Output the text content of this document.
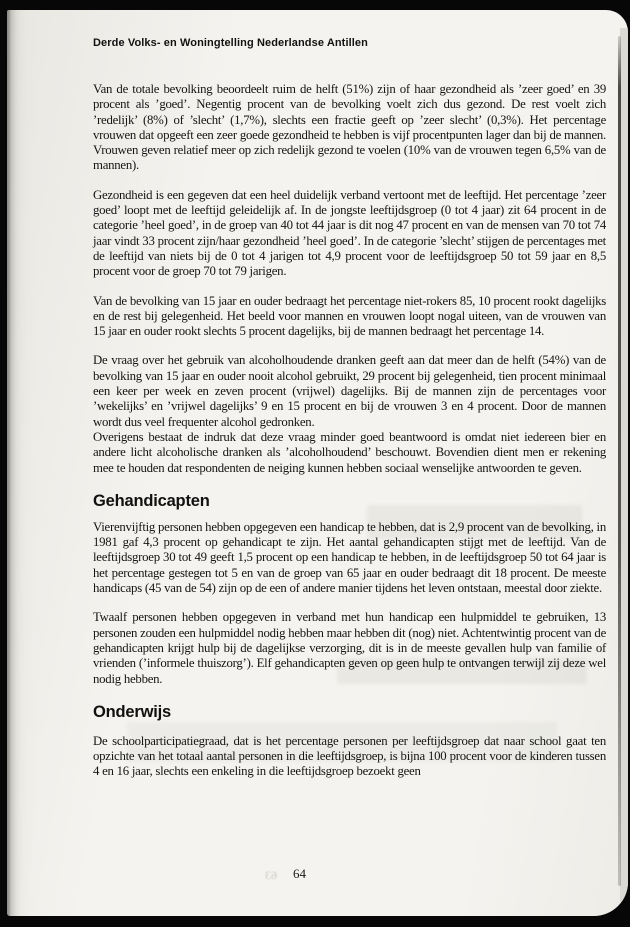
Derde Volks- en Woningtelling Nederlandse Antillen
Van de totale bevolking beoordeelt ruim de helft (51%) zijn of haar gezondheid als ’zeer goed’ en 39 procent als ’goed’. Negentig procent van de bevolking voelt zich dus gezond. De rest voelt zich ’redelijk’ (8%) of ’slecht’ (1,7%), slechts een fractie geeft op ’zeer slecht’ (0,3%). Het percentage vrouwen dat opgeeft een zeer goede gezondheid te hebben is vijf procentpunten lager dan bij de mannen. Vrouwen geven relatief meer op zich redelijk gezond te voelen (10% van de vrouwen tegen 6,5% van de mannen).
Gezondheid is een gegeven dat een heel duidelijk verband vertoont met de leeftijd. Het percentage ’zeer goed’ loopt met de leeftijd geleidelijk af. In de jongste leeftijdsgroep (0 tot 4 jaar) zit 64 procent in de categorie ’heel goed’, in de groep van 40 tot 44 jaar is dit nog 47 procent en van de mensen van 70 tot 74 jaar vindt 33 procent zijn/haar gezondheid ’heel goed’. In de categorie ’slecht’ stijgen de percentages met de leeftijd van niets bij de 0 tot 4 jarigen tot 4,9 procent voor de leeftijdsgroep 50 tot 59 jaar en 8,5 procent voor de groep 70 tot 79 jarigen.
Van de bevolking van 15 jaar en ouder bedraagt het percentage niet-rokers 85, 10 procent rookt dagelijks en de rest bij gelegenheid. Het beeld voor mannen en vrouwen loopt nogal uiteen, van de vrouwen van 15 jaar en ouder rookt slechts 5 procent dagelijks, bij de mannen bedraagt het percentage 14.
De vraag over het gebruik van alcoholhoudende dranken geeft aan dat meer dan de helft (54%) van de bevolking van 15 jaar en ouder nooit alcohol gebruikt, 29 procent bij gelegenheid, tien procent minimaal een keer per week en zeven procent (vrijwel) dagelijks. Bij de mannen zijn de percentages voor ’wekelijks’ en ’vrijwel dagelijks’ 9 en 15 procent en bij de vrouwen 3 en 4 procent. Door de mannen wordt dus veel frequenter alcohol gedronken.
Overigens bestaat de indruk dat deze vraag minder goed beantwoord is omdat niet iedereen bier en andere licht alcoholische dranken als ’alcoholhoudend’ beschouwt. Bovendien dient men er rekening mee te houden dat respondenten de neiging kunnen hebben sociaal wenselijke antwoorden te geven.
Gehandicapten
Vierenvijftig personen hebben opgegeven een handicap te hebben, dat is 2,9 procent van de bevolking, in 1981 gaf 4,3 procent op gehandicapt te zijn. Het aantal gehandicapten stijgt met de leeftijd. Van de leeftijdsgroep 30 tot 49 geeft 1,5 procent op een handicap te hebben, in de leeftijdsgroep 50 tot 64 jaar is het percentage gestegen tot 5 en van de groep van 65 jaar en ouder bedraagt dit 18 procent. De meeste handicaps (45 van de 54) zijn op de een of andere manier tijdens het leven ontstaan, meestal door ziekte.
Twaalf personen hebben opgegeven in verband met hun handicap een hulpmiddel te gebruiken, 13 personen zouden een hulpmiddel nodig hebben maar hebben dit (nog) niet. Achtentwintig procent van de gehandicapten krijgt hulp bij de dagelijkse verzorging, dit is in de meeste gevallen hulp van familie of vrienden (’informele thuiszorg’). Elf gehandicapten geven op geen hulp te ontvangen terwijl zij deze wel nodig hebben.
Onderwijs
De schoolparticipatiegraad, dat is het percentage personen per leeftijdsgroep dat naar school gaat ten opzichte van het totaal aantal personen in die leeftijdsgroep, is bijna 100 procent voor de kinderen tussen 4 en 16 jaar, slechts een enkeling in die leeftijdsgroep bezoekt geen
63 64
